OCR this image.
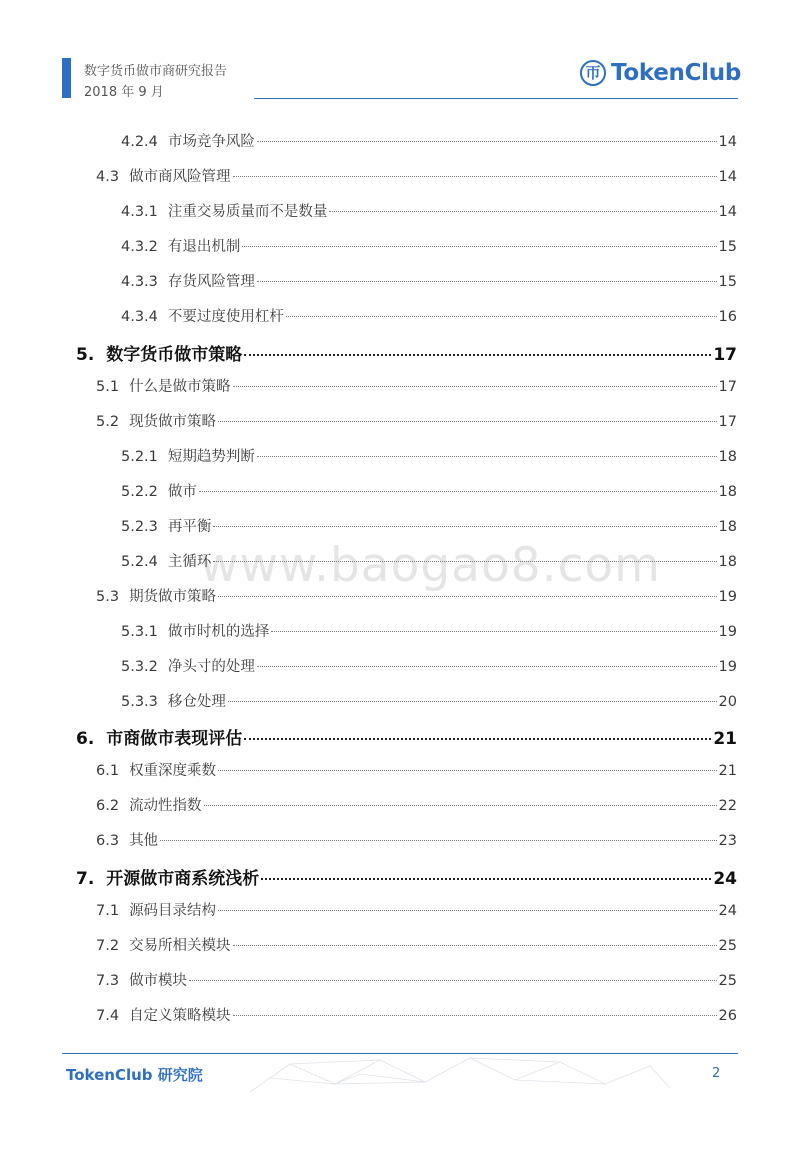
数字货币做市商研究报告
2018 年 9 月
帀 TokenClub
www.baogao8.com
4.2.4 市场竞争风险	14
4.3 做市商风险管理	14
4.3.1 注重交易质量而不是数量	14
4.3.2 有退出机制	15
4.3.3 存货风险管理	15
4.3.4 不要过度使用杠杆	16
5. 数字货币做市策略	17
5.1 什么是做市策略	17
5.2 现货做市策略	17
5.2.1 短期趋势判断	18
5.2.2 做市	18
5.2.3 再平衡	18
5.2.4 主循环	18
5.3 期货做市策略	19
5.3.1 做市时机的选择	19
5.3.2 净头寸的处理	19
5.3.3 移仓处理	20
6. 市商做市表现评估	21
6.1 权重深度乘数	21
6.2 流动性指数	22
6.3 其他	23
7. 开源做市商系统浅析	24
7.1 源码目录结构	24
7.2 交易所相关模块	25
7.3 做市模块	25
7.4 自定义策略模块	26
TokenClub 研究院	2
